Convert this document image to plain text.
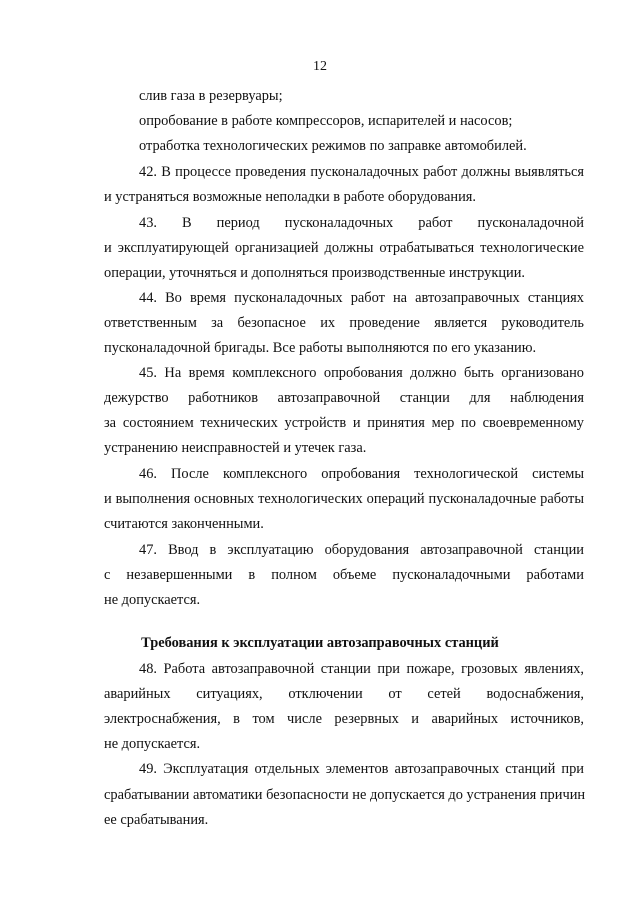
12
слив газа в резервуары;
опробование в работе компрессоров, испарителей и насосов;
отработка технологических режимов по заправке автомобилей.
42. В процессе проведения пусконаладочных работ должны выявляться
и устраняться возможные неполадки в работе оборудования.
43. В период пусконаладочных работ пусконаладочной
и эксплуатирующей организацией должны отрабатываться технологические
операции, уточняться и дополняться производственные инструкции.
44. Во время пусконаладочных работ на автозаправочных станциях
ответственным за безопасное их проведение является руководитель
пусконаладочной бригады. Все работы выполняются по его указанию.
45. На время комплексного опробования должно быть организовано
дежурство работников автозаправочной станции для наблюдения
за состоянием технических устройств и принятия мер по своевременному
устранению неисправностей и утечек газа.
46. После комплексного опробования технологической системы
и выполнения основных технологических операций пусконаладочные работы
считаются законченными.
47. Ввод в эксплуатацию оборудования автозаправочной станции
с незавершенными в полном объеме пусконаладочными работами
не допускается.
Требования к эксплуатации автозаправочных станций
48. Работа автозаправочной станции при пожаре, грозовых явлениях,
аварийных ситуациях, отключении от сетей водоснабжения,
электроснабжения, в том числе резервных и аварийных источников,
не допускается.
49. Эксплуатация отдельных элементов автозаправочных станций при
срабатывании автоматики безопасности не допускается до устранения причин
ее срабатывания.
